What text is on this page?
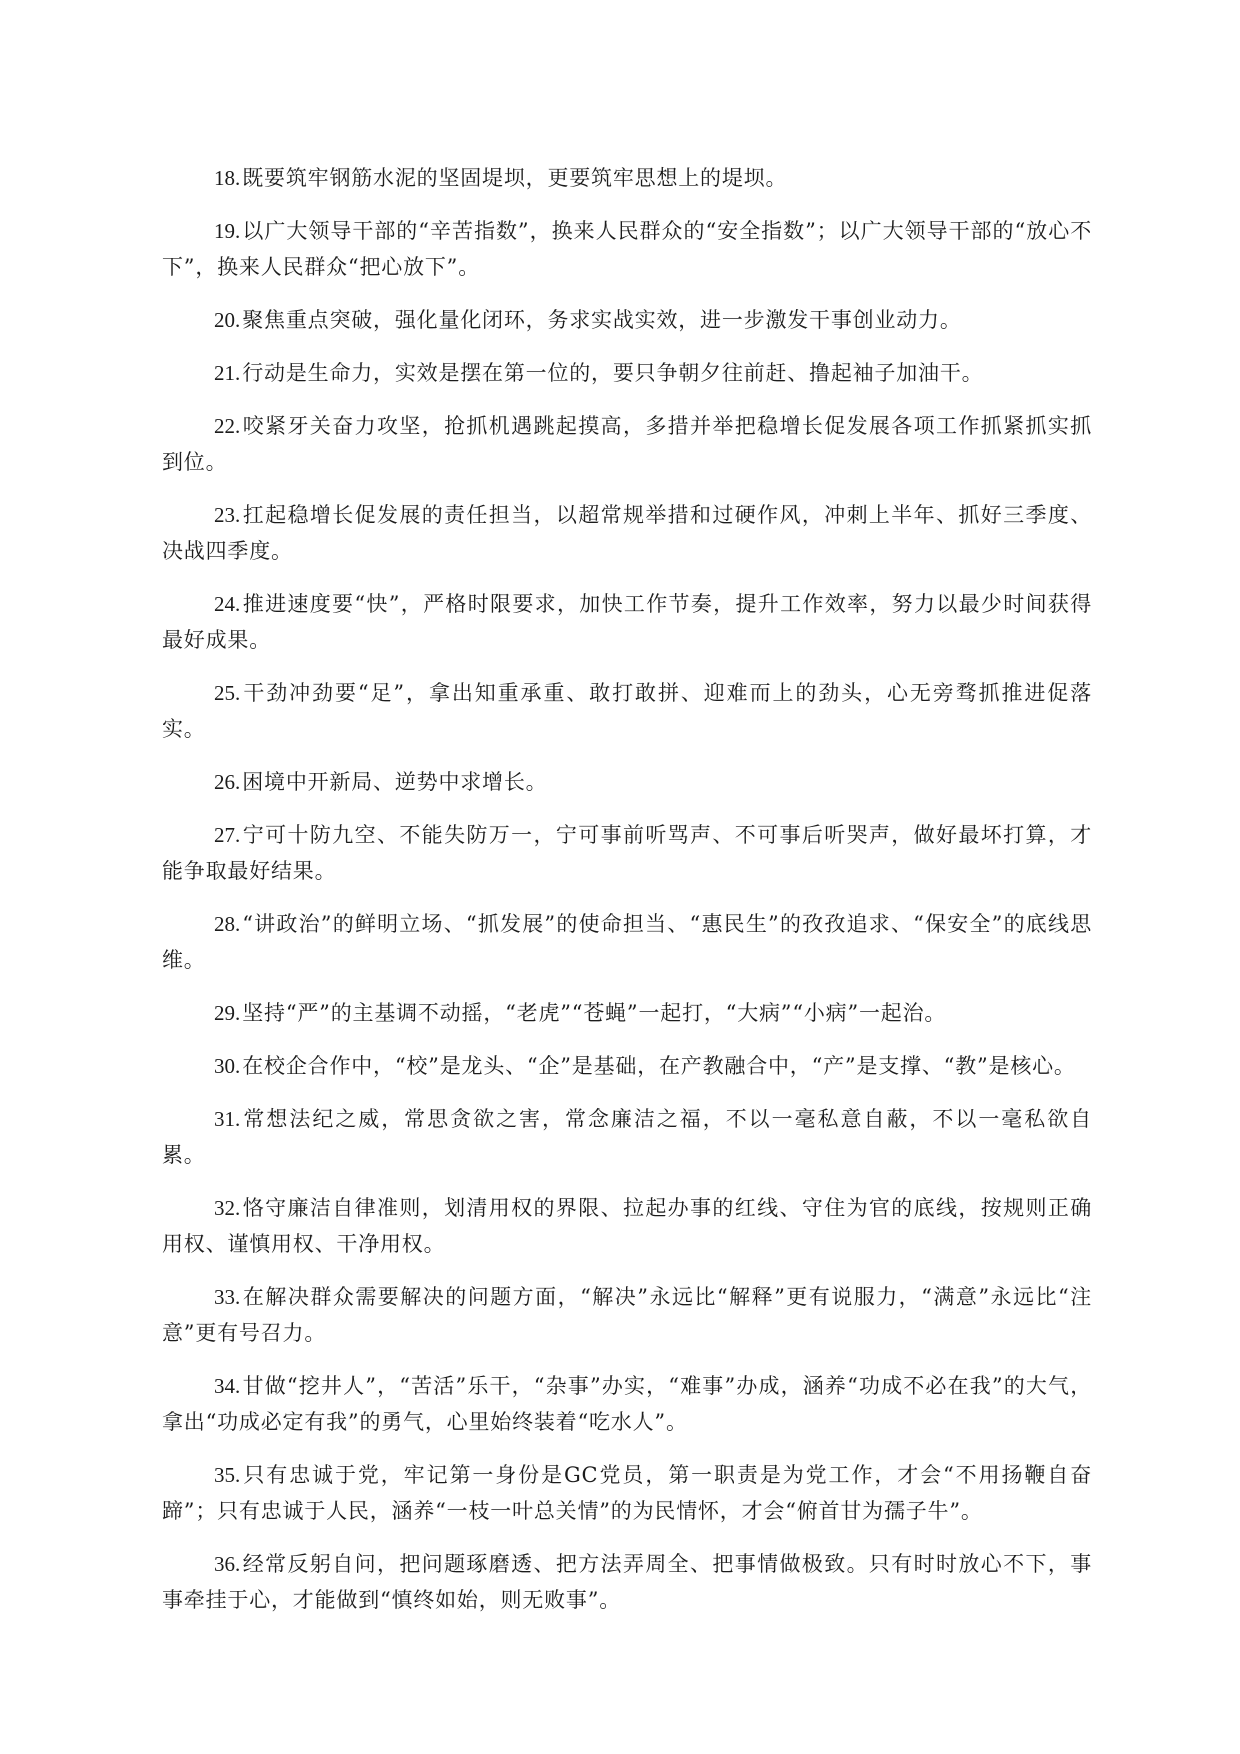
18.既要筑牢钢筋水泥的坚固堤坝，更要筑牢思想上的堤坝。

19.以广大领导干部的“辛苦指数”，换来人民群众的“安全指数”；以广大领导干部的“放心不下”，换来人民群众“把心放下”。

20.聚焦重点突破，强化量化闭环，务求实战实效，进一步激发干事创业动力。

21.行动是生命力，实效是摆在第一位的，要只争朝夕往前赶、撸起袖子加油干。

22.咬紧牙关奋力攻坚，抢抓机遇跳起摸高，多措并举把稳增长促发展各项工作抓紧抓实抓到位。

23.扛起稳增长促发展的责任担当，以超常规举措和过硬作风，冲刺上半年、抓好三季度、决战四季度。

24.推进速度要“快”，严格时限要求，加快工作节奏，提升工作效率，努力以最少时间获得最好成果。

25.干劲冲劲要“足”，拿出知重承重、敢打敢拼、迎难而上的劲头，心无旁骛抓推进促落实。

26.困境中开新局、逆势中求增长。

27.宁可十防九空、不能失防万一，宁可事前听骂声、不可事后听哭声，做好最坏打算，才能争取最好结果。

28.“讲政治”的鲜明立场、“抓发展”的使命担当、“惠民生”的孜孜追求、“保安全”的底线思维。

29.坚持“严”的主基调不动摇，“老虎”“苍蝇”一起打，“大病”“小病”一起治。

30.在校企合作中，“校”是龙头、“企”是基础，在产教融合中，“产”是支撑、“教”是核心。

31.常想法纪之威，常思贪欲之害，常念廉洁之福，不以一毫私意自蔽，不以一毫私欲自累。

32.恪守廉洁自律准则，划清用权的界限、拉起办事的红线、守住为官的底线，按规则正确用权、谨慎用权、干净用权。

33.在解决群众需要解决的问题方面，“解决”永远比“解释”更有说服力，“满意”永远比“注意”更有号召力。

34.甘做“挖井人”，“苦活”乐干，“杂事”办实，“难事”办成，涵养“功成不必在我”的大气，拿出“功成必定有我”的勇气，心里始终装着“吃水人”。

35.只有忠诚于党，牢记第一身份是GC党员，第一职责是为党工作，才会“不用扬鞭自奋蹄”；只有忠诚于人民，涵养“一枝一叶总关情”的为民情怀，才会“俯首甘为孺子牛”。

36.经常反躬自问，把问题琢磨透、把方法弄周全、把事情做极致。只有时时放心不下，事事牵挂于心，才能做到“慎终如始，则无败事”。
